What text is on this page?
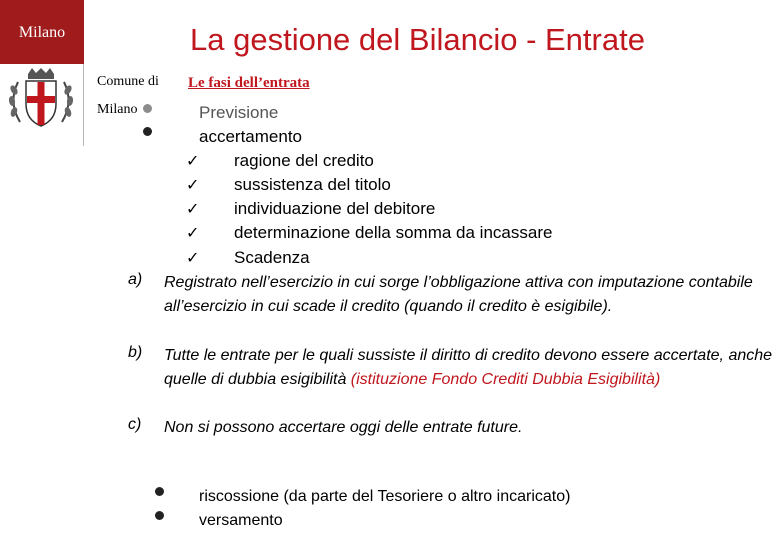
Milano
Comune di
Milano
La gestione del Bilancio - Entrate
Le fasi dell’entrata
Previsione
accertamento
✓ ragione del credito
✓ sussistenza del titolo
✓ individuazione del debitore
✓ determinazione della somma da incassare
✓ Scadenza
a) Registrato nell’esercizio in cui sorge l’obbligazione attiva con imputazione contabile all’esercizio in cui scade il credito (quando il credito è esigibile).
b) Tutte le entrate per le quali sussiste il diritto di credito devono essere accertate, anche quelle di dubbia esigibilità (istituzione Fondo Crediti Dubbia Esigibilità)
c) Non si possono accertare oggi delle entrate future.
riscossione (da parte del Tesoriere o altro incaricato)
versamento
